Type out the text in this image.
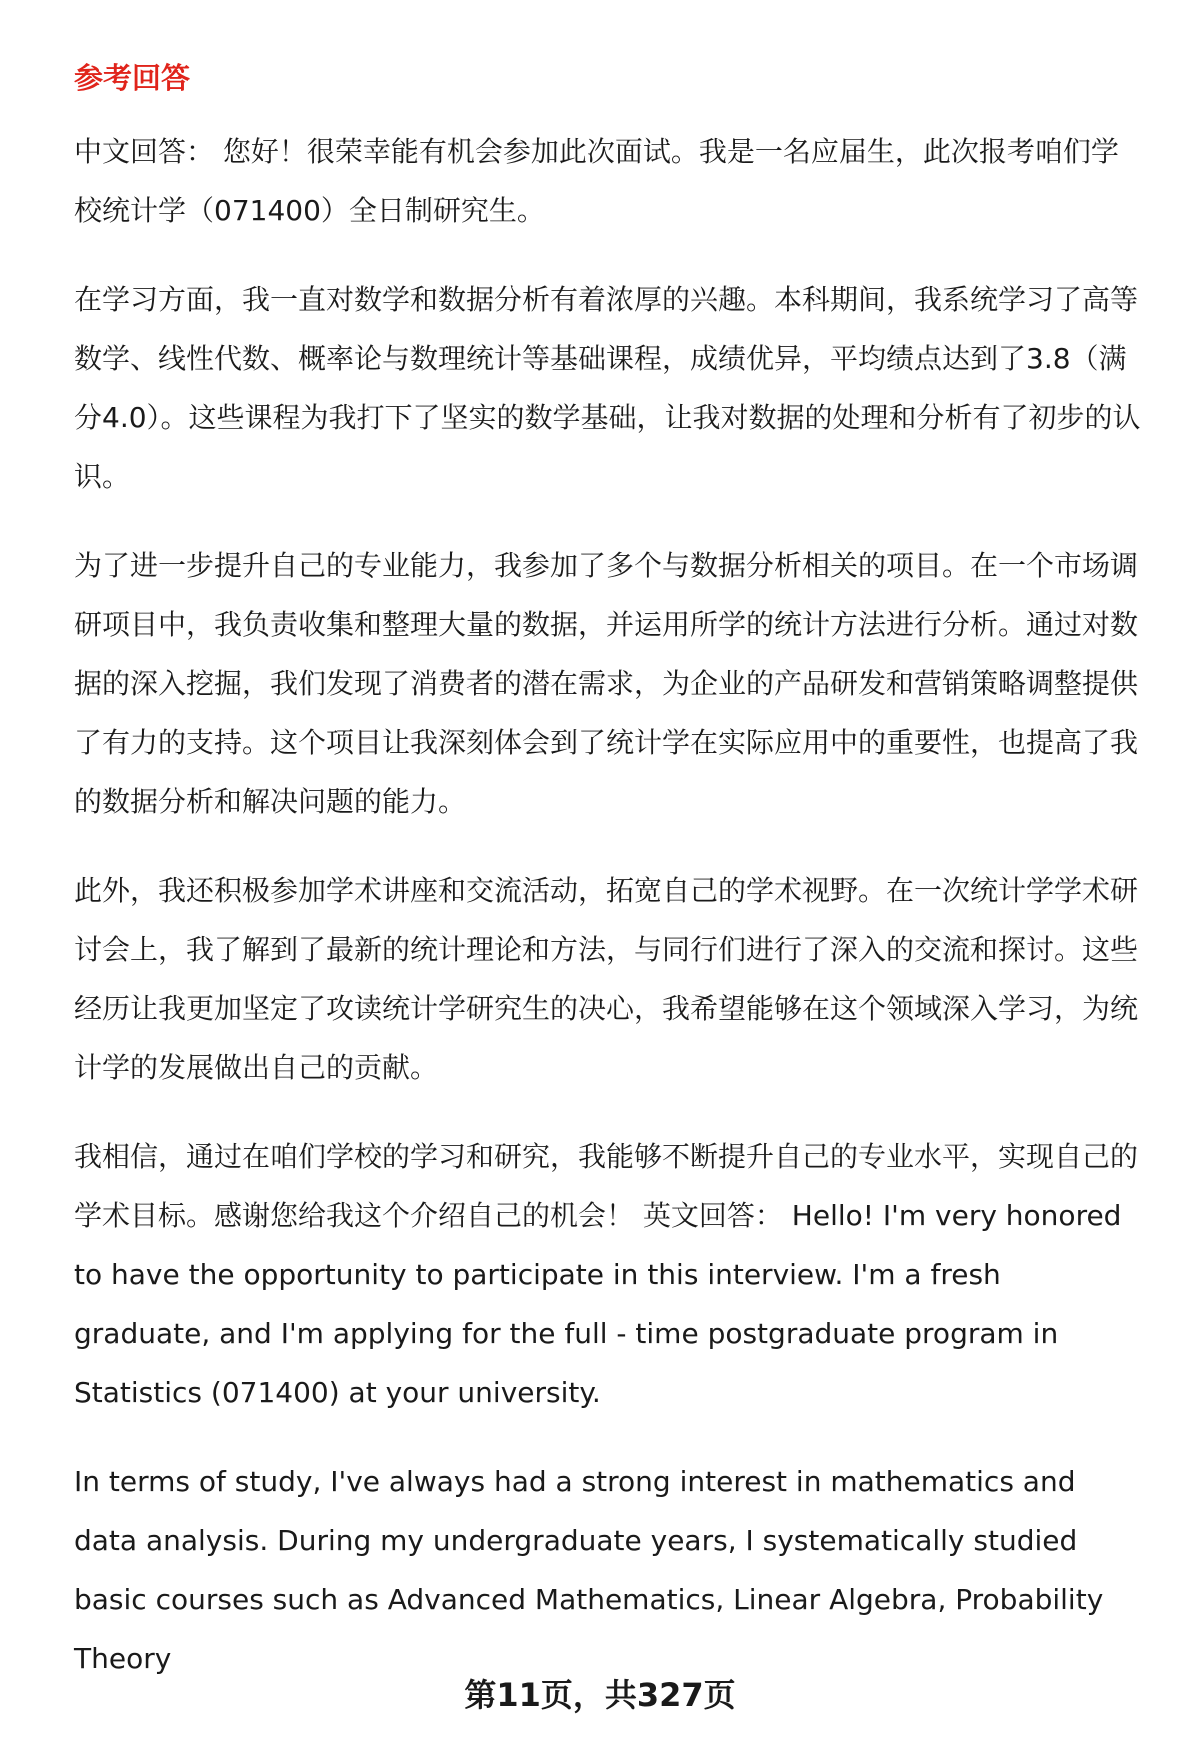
参考回答

中文回答： 您好！很荣幸能有机会参加此次面试。我是一名应届生，此次报考咱们学校统计学（071400）全日制研究生。

在学习方面，我一直对数学和数据分析有着浓厚的兴趣。本科期间，我系统学习了高等数学、线性代数、概率论与数理统计等基础课程，成绩优异，平均绩点达到了3.8（满分4.0）。这些课程为我打下了坚实的数学基础，让我对数据的处理和分析有了初步的认识。

为了进一步提升自己的专业能力，我参加了多个与数据分析相关的项目。在一个市场调研项目中，我负责收集和整理大量的数据，并运用所学的统计方法进行分析。通过对数据的深入挖掘，我们发现了消费者的潜在需求，为企业的产品研发和营销策略调整提供了有力的支持。这个项目让我深刻体会到了统计学在实际应用中的重要性，也提高了我的数据分析和解决问题的能力。

此外，我还积极参加学术讲座和交流活动，拓宽自己的学术视野。在一次统计学学术研讨会上，我了解到了最新的统计理论和方法，与同行们进行了深入的交流和探讨。这些经历让我更加坚定了攻读统计学研究生的决心，我希望能够在这个领域深入学习，为统计学的发展做出自己的贡献。

我相信，通过在咱们学校的学习和研究，我能够不断提升自己的专业水平，实现自己的学术目标。感谢您给我这个介绍自己的机会！ 英文回答： Hello! I'm very honored to have the opportunity to participate in this interview. I'm a fresh graduate, and I'm applying for the full - time postgraduate program in Statistics (071400) at your university.

In terms of study, I've always had a strong interest in mathematics and data analysis. During my undergraduate years, I systematically studied basic courses such as Advanced Mathematics, Linear Algebra, Probability Theory

第11页，共327页
